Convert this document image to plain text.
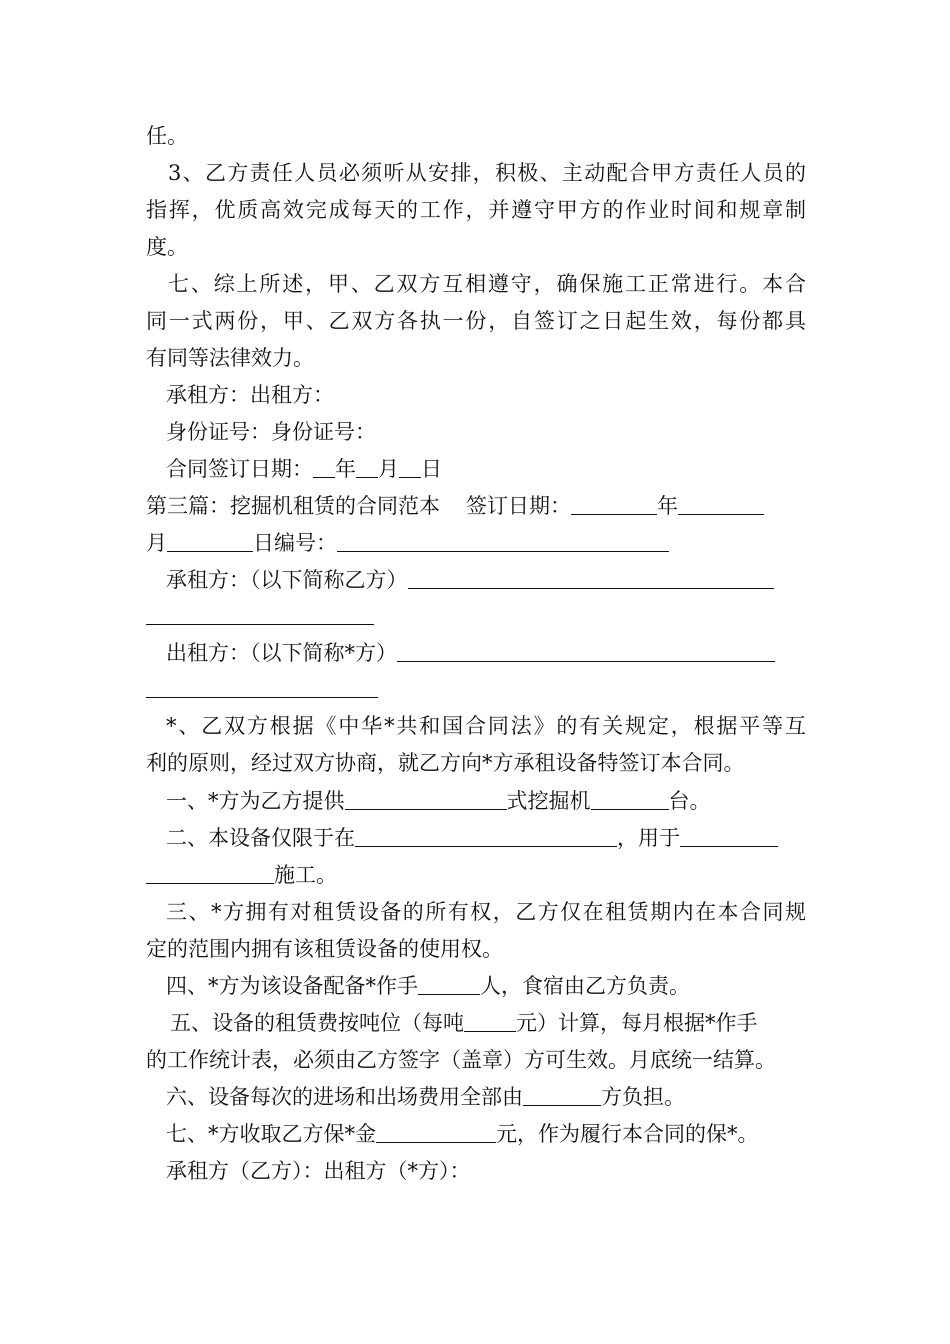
任。
3、乙方责任人员必须听从安排，积极、主动配合甲方责任人员的
指挥，优质高效完成每天的工作，并遵守甲方的作业时间和规章制
度。
七、综上所述，甲、乙双方互相遵守，确保施工正常进行。本合
同一式两份，甲、乙双方各执一份，自签订之日起生效，每份都具
有同等法律效力。
承租方：出租方：
身份证号：身份证号：
合同签订日期： 年 月 日
第三篇：挖掘机租赁的合同范本 签订日期：	年
月	日编号：
承租方：（以下简称乙方）
出租方：（以下简称*方）
*、乙双方根据《中华*共和国合同法》的有关规定，根据平等互
利的原则，经过双方协商，就乙方向*方承租设备特签订本合同。
一、*方为乙方提供	式挖掘机	台。
二、本设备仅限于在	，用于
施工。
三、*方拥有对租赁设备的所有权，乙方仅在租赁期内在本合同规
定的范围内拥有该租赁设备的使用权。
四、*方为该设备配备*作手	人，食宿由乙方负责。
五、设备的租赁费按吨位（每吨 元）计算，每月根据*作手
的工作统计表，必须由乙方签字（盖章）方可生效。月底统一结算。
六、设备每次的进场和出场费用全部由	方负担。
七、*方收取乙方保*金	元，作为履行本合同的保*。
承租方（乙方）：出租方（*方）：
